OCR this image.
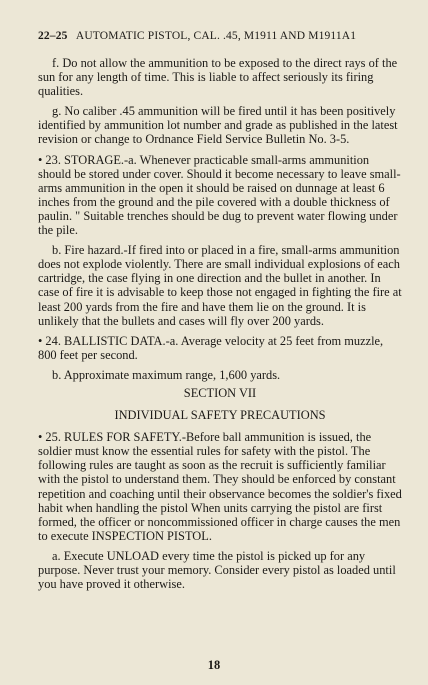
22–25 AUTOMATIC PISTOL, CAL. .45, M1911 AND M1911A1

f. Do not allow the ammunition to be exposed to the direct rays of the sun for any length of time. This is liable to affect seriously its firing qualities.

g. No caliber .45 ammunition will be fired until it has been positively identified by ammunition lot number and grade as published in the latest revision or change to Ordnance Field Service Bulletin No. 3-5.

• 23. STORAGE.-a. Whenever practicable small-arms ammunition should be stored under cover. Should it become necessary to leave small-arms ammunition in the open it should be raised on dunnage at least 6 inches from the ground and the pile covered with a double thickness of paulin. " Suitable trenches should be dug to prevent water flowing under the pile.

b. Fire hazard.-If fired into or placed in a fire, small-arms ammunition does not explode violently. There are small individual explosions of each cartridge, the case flying in one direction and the bullet in another. In case of fire it is advisable to keep those not engaged in fighting the fire at least 200 yards from the fire and have them lie on the ground. It is unlikely that the bullets and cases will fly over 200 yards.

• 24. BALLISTIC DATA.-a. Average velocity at 25 feet from muzzle, 800 feet per second.

b. Approximate maximum range, 1,600 yards.

SECTION VII
INDIVIDUAL SAFETY PRECAUTIONS

• 25. RULES FOR SAFETY.-Before ball ammunition is issued, the soldier must know the essential rules for safety with the pistol. The following rules are taught as soon as the recruit is sufficiently familiar with the pistol to understand them. They should be enforced by constant repetition and coaching until their observance becomes the soldier's fixed habit when handling the pistol When units carrying the pistol are first formed, the officer or noncommissioned officer in charge causes the men to execute INSPECTION PISTOL.

a. Execute UNLOAD every time the pistol is picked up for any purpose. Never trust your memory. Consider every pistol as loaded until you have proved it otherwise.

18
